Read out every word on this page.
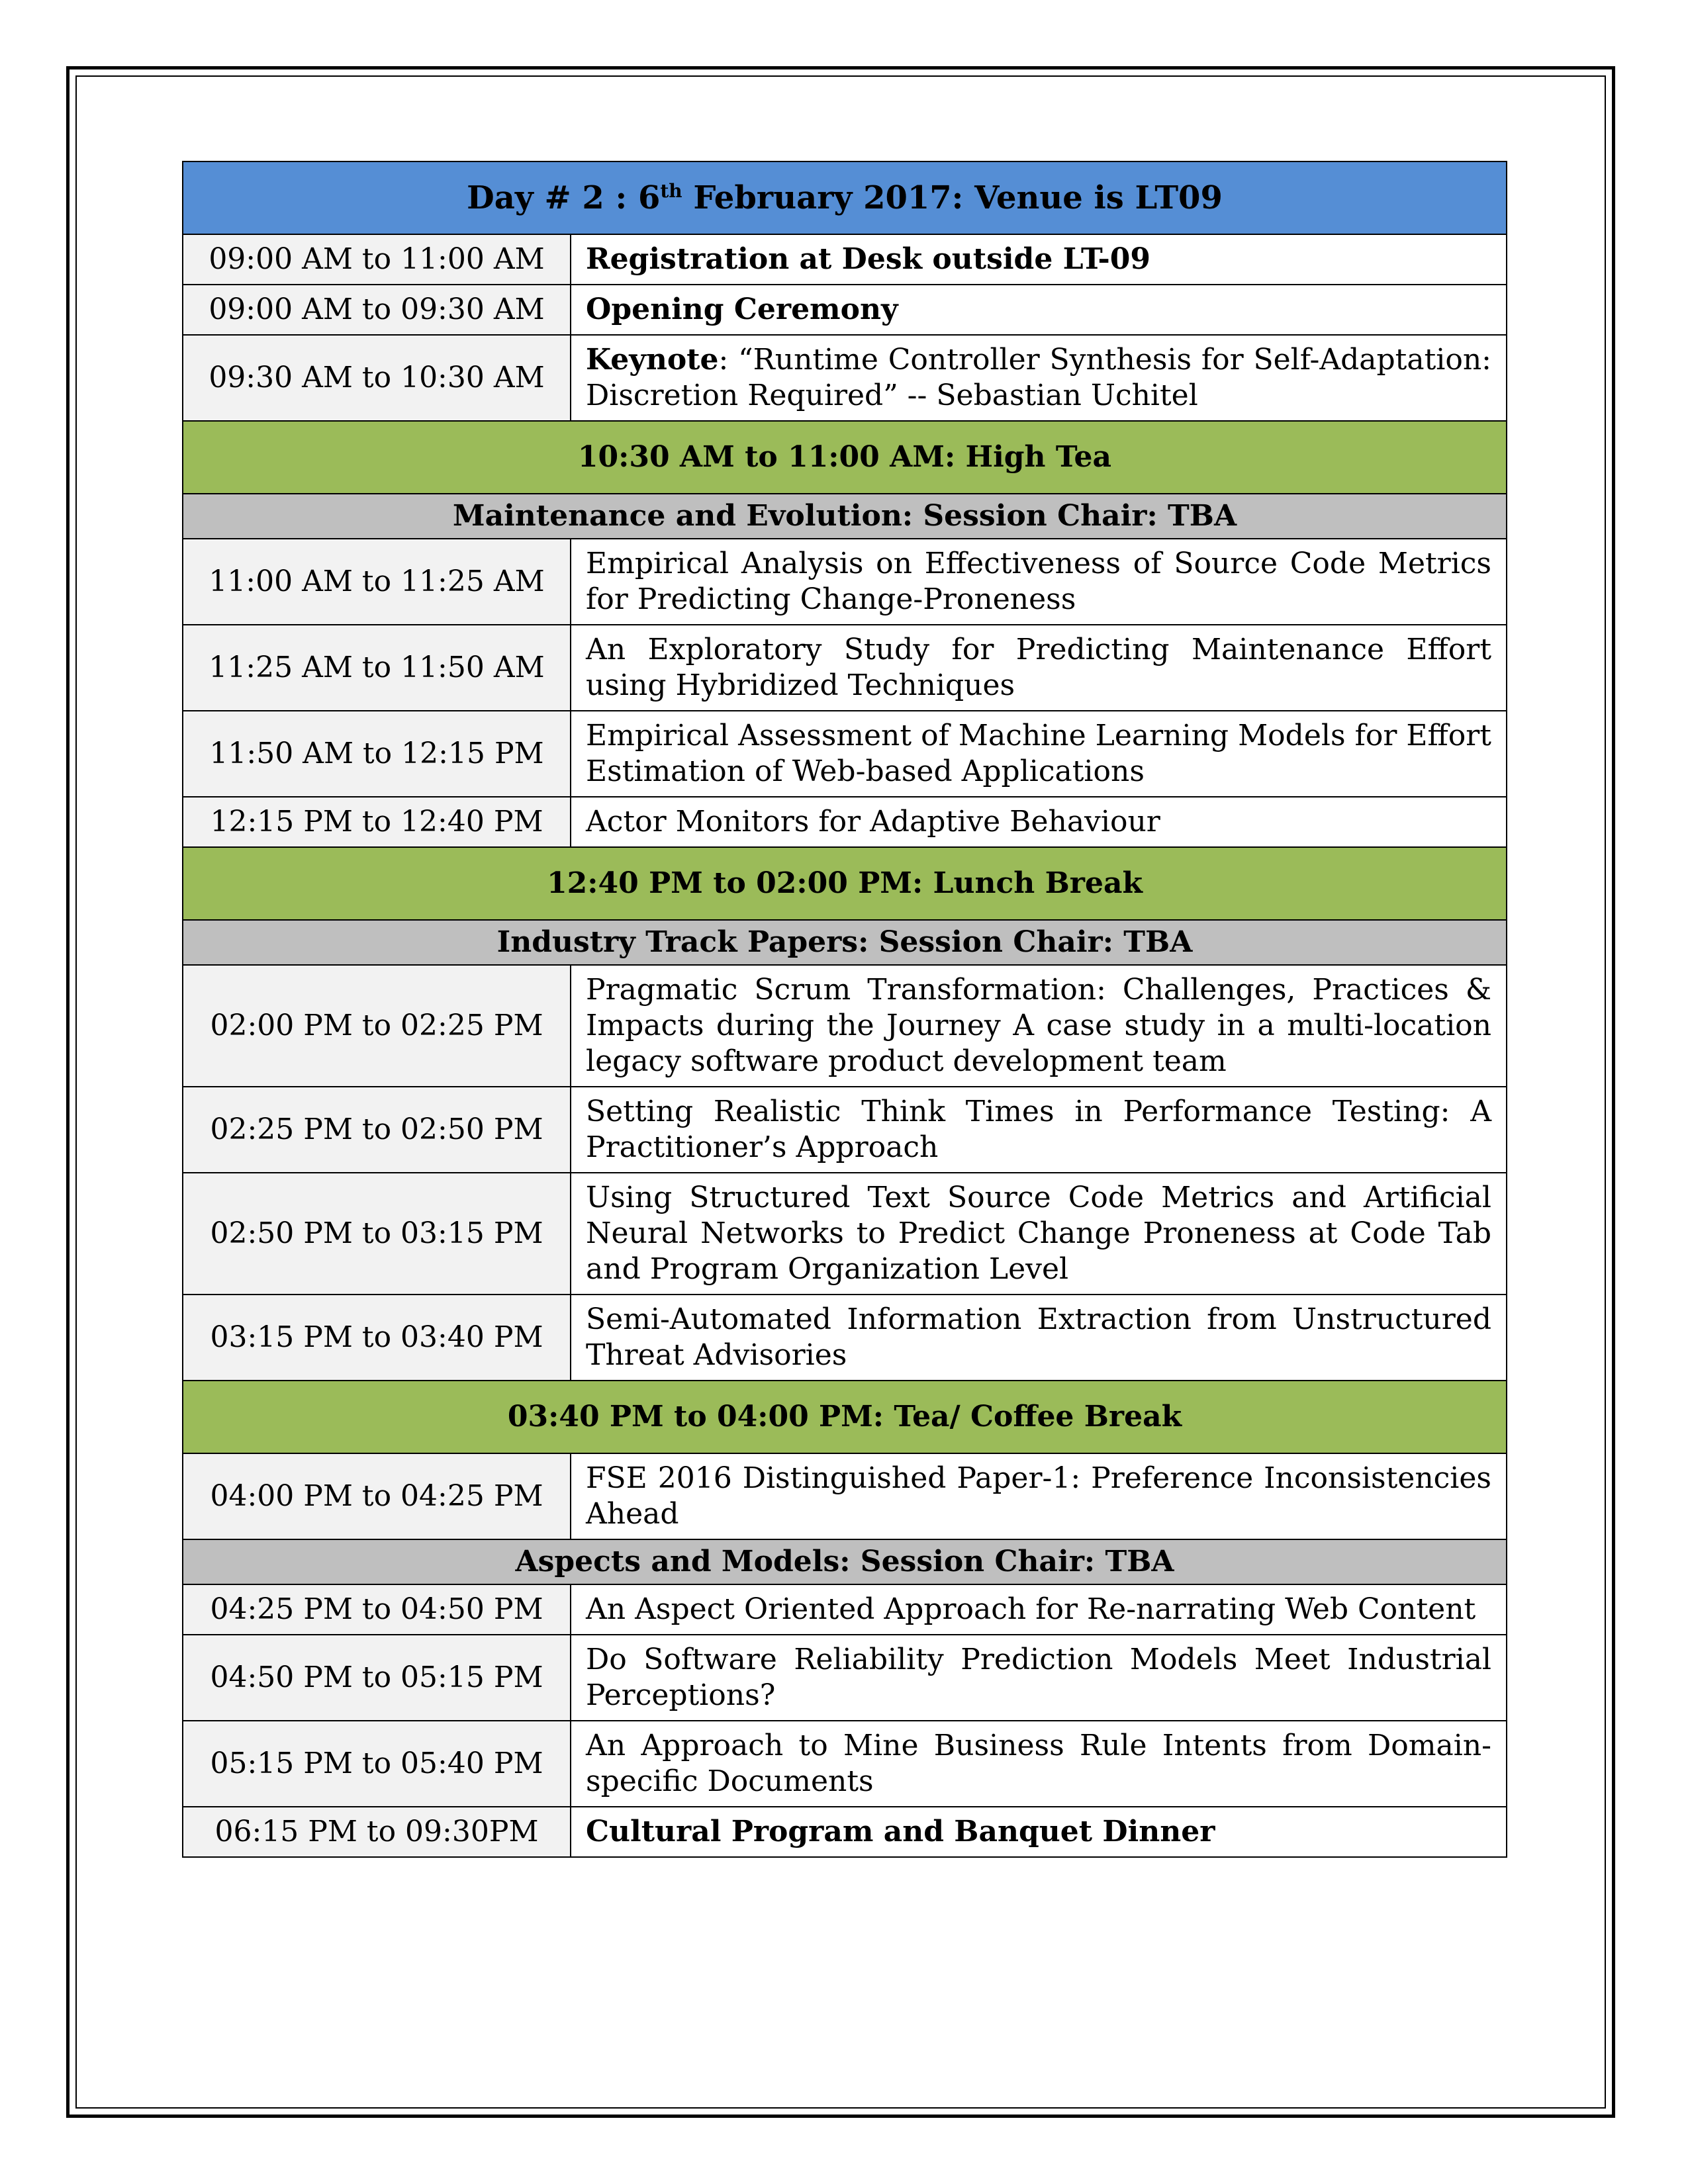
Day # 2 : 6th February 2017: Venue is LT09	
09:00 AM to 11:00 AM	Registration at Desk outside LT-09
09:00 AM to 09:30 AM	Opening Ceremony
09:30 AM to 10:30 AM	Keynote: “Runtime Controller Synthesis for Self-Adaptation: Discretion Required” -- Sebastian Uchitel
10:30 AM to 11:00 AM: High Tea	
Maintenance and Evolution: Session Chair: TBA	
11:00 AM to 11:25 AM	Empirical Analysis on Effectiveness of Source Code Metrics for Predicting Change-Proneness
11:25 AM to 11:50 AM	An Exploratory Study for Predicting Maintenance Effort using Hybridized Techniques
11:50 AM to 12:15 PM	Empirical Assessment of Machine Learning Models for Effort Estimation of Web-based Applications
12:15 PM to 12:40 PM	Actor Monitors for Adaptive Behaviour
12:40 PM to 02:00 PM: Lunch Break	
Industry Track Papers: Session Chair: TBA	
02:00 PM to 02:25 PM	Pragmatic Scrum Transformation: Challenges, Practices & Impacts during the Journey A case study in a multi-location legacy software product development team
02:25 PM to 02:50 PM	Setting Realistic Think Times in Performance Testing: A Practitioner’s Approach
02:50 PM to 03:15 PM	Using Structured Text Source Code Metrics and Artificial Neural Networks to Predict Change Proneness at Code Tab and Program Organization Level
03:15 PM to 03:40 PM	Semi-Automated Information Extraction from Unstructured Threat Advisories
03:40 PM to 04:00 PM: Tea/ Coffee Break	
04:00 PM to 04:25 PM	FSE 2016 Distinguished Paper-1: Preference Inconsistencies Ahead
Aspects and Models: Session Chair: TBA	
04:25 PM to 04:50 PM	An Aspect Oriented Approach for Re-narrating Web Content
04:50 PM to 05:15 PM	Do Software Reliability Prediction Models Meet Industrial Perceptions?
05:15 PM to 05:40 PM	An Approach to Mine Business Rule Intents from Domain-specific Documents
06:15 PM to 09:30PM	Cultural Program and Banquet Dinner
